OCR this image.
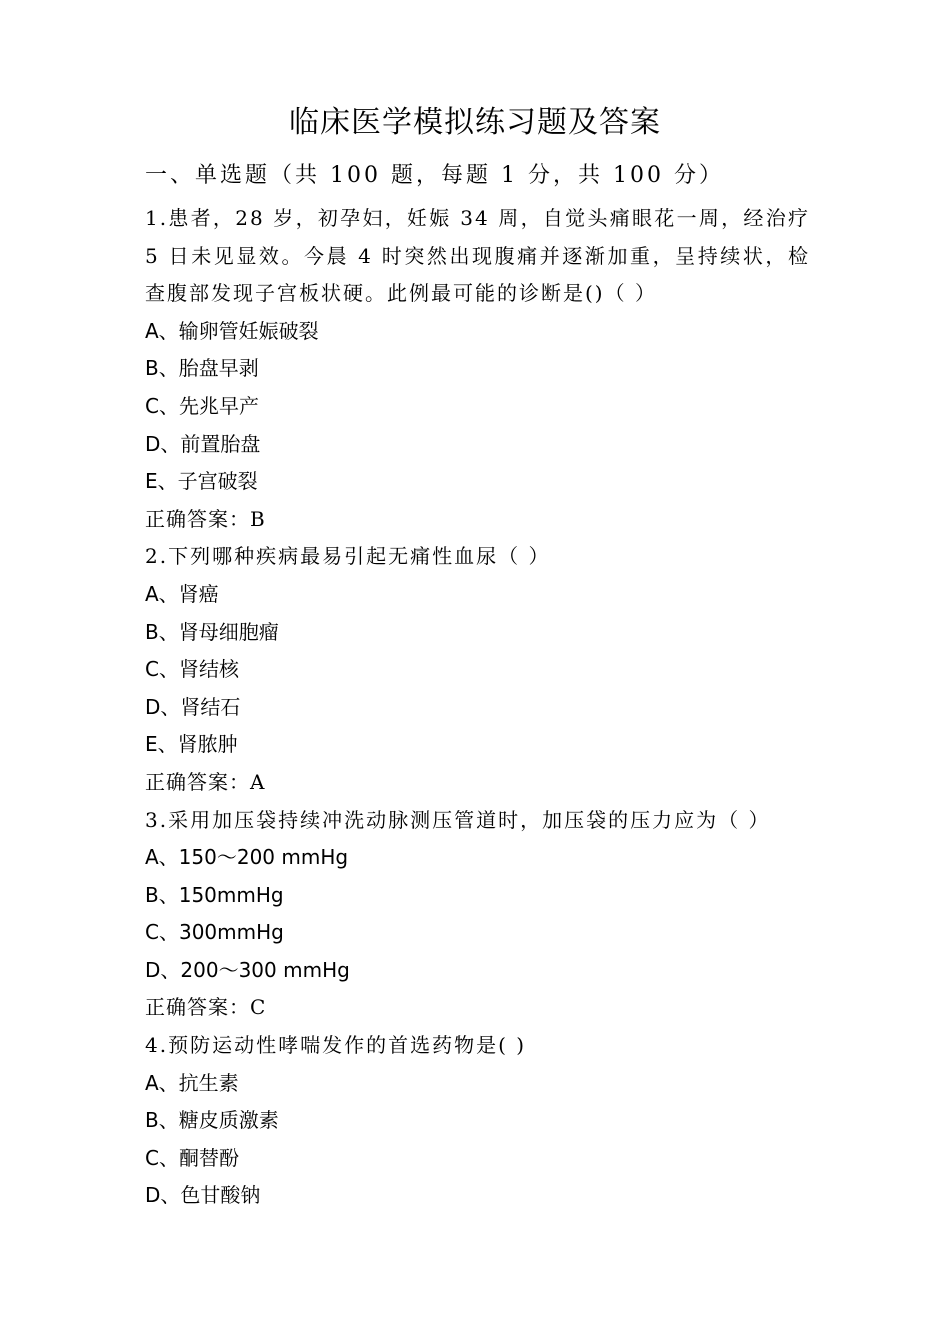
临床医学模拟练习题及答案
一、单选题（共 100 题，每题 1 分，共 100 分）

1.患者，28 岁，初孕妇，妊娠 34 周，自觉头痛眼花一周，经治疗 5 日未见显效。今晨 4 时突然出现腹痛并逐渐加重，呈持续状，检查腹部发现子宫板状硬。此例最可能的诊断是()（ ）

A、输卵管妊娠破裂

B、胎盘早剥

C、先兆早产

D、前置胎盘

E、子宫破裂

正确答案：B

2.下列哪种疾病最易引起无痛性血尿（ ）

A、肾癌

B、肾母细胞瘤

C、肾结核

D、肾结石

E、肾脓肿

正确答案：A

3.采用加压袋持续冲洗动脉测压管道时，加压袋的压力应为（ ）

A、150～200 mmHg

B、150mmHg

C、300mmHg

D、200～300 mmHg

正确答案：C

4.预防运动性哮喘发作的首选药物是( )

A、抗生素

B、糖皮质激素

C、酮替酚

D、色甘酸钠
